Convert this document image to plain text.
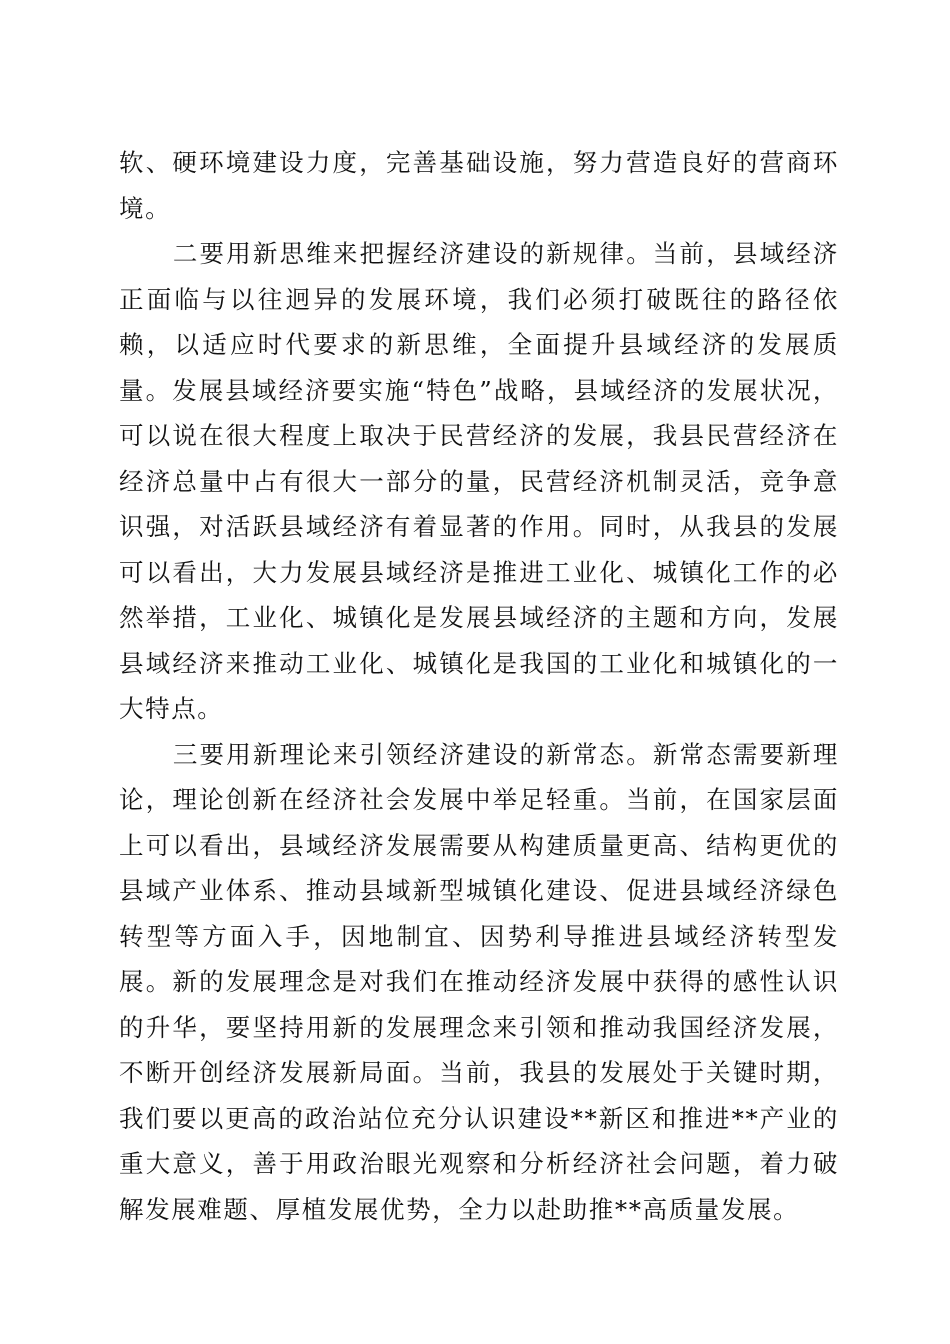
软、硬环境建设力度，完善基础设施，努力营造良好的营商环境。

二要用新思维来把握经济建设的新规律。当前，县域经济正面临与以往迥异的发展环境，我们必须打破既往的路径依赖，以适应时代要求的新思维，全面提升县域经济的发展质量。发展县域经济要实施“特色”战略，县域经济的发展状况，可以说在很大程度上取决于民营经济的发展，我县民营经济在经济总量中占有很大一部分的量，民营经济机制灵活，竞争意识强，对活跃县域经济有着显著的作用。同时，从我县的发展可以看出，大力发展县域经济是推进工业化、城镇化工作的必然举措，工业化、城镇化是发展县域经济的主题和方向，发展县域经济来推动工业化、城镇化是我国的工业化和城镇化的一大特点。

三要用新理论来引领经济建设的新常态。新常态需要新理论，理论创新在经济社会发展中举足轻重。当前，在国家层面上可以看出，县域经济发展需要从构建质量更高、结构更优的县域产业体系、推动县域新型城镇化建设、促进县域经济绿色转型等方面入手，因地制宜、因势利导推进县域经济转型发展。新的发展理念是对我们在推动经济发展中获得的感性认识的升华，要坚持用新的发展理念来引领和推动我国经济发展，不断开创经济发展新局面。当前，我县的发展处于关键时期，我们要以更高的政治站位充分认识建设**新区和推进**产业的重大意义，善于用政治眼光观察和分析经济社会问题，着力破解发展难题、厚植发展优势，全力以赴助推**高质量发展。
